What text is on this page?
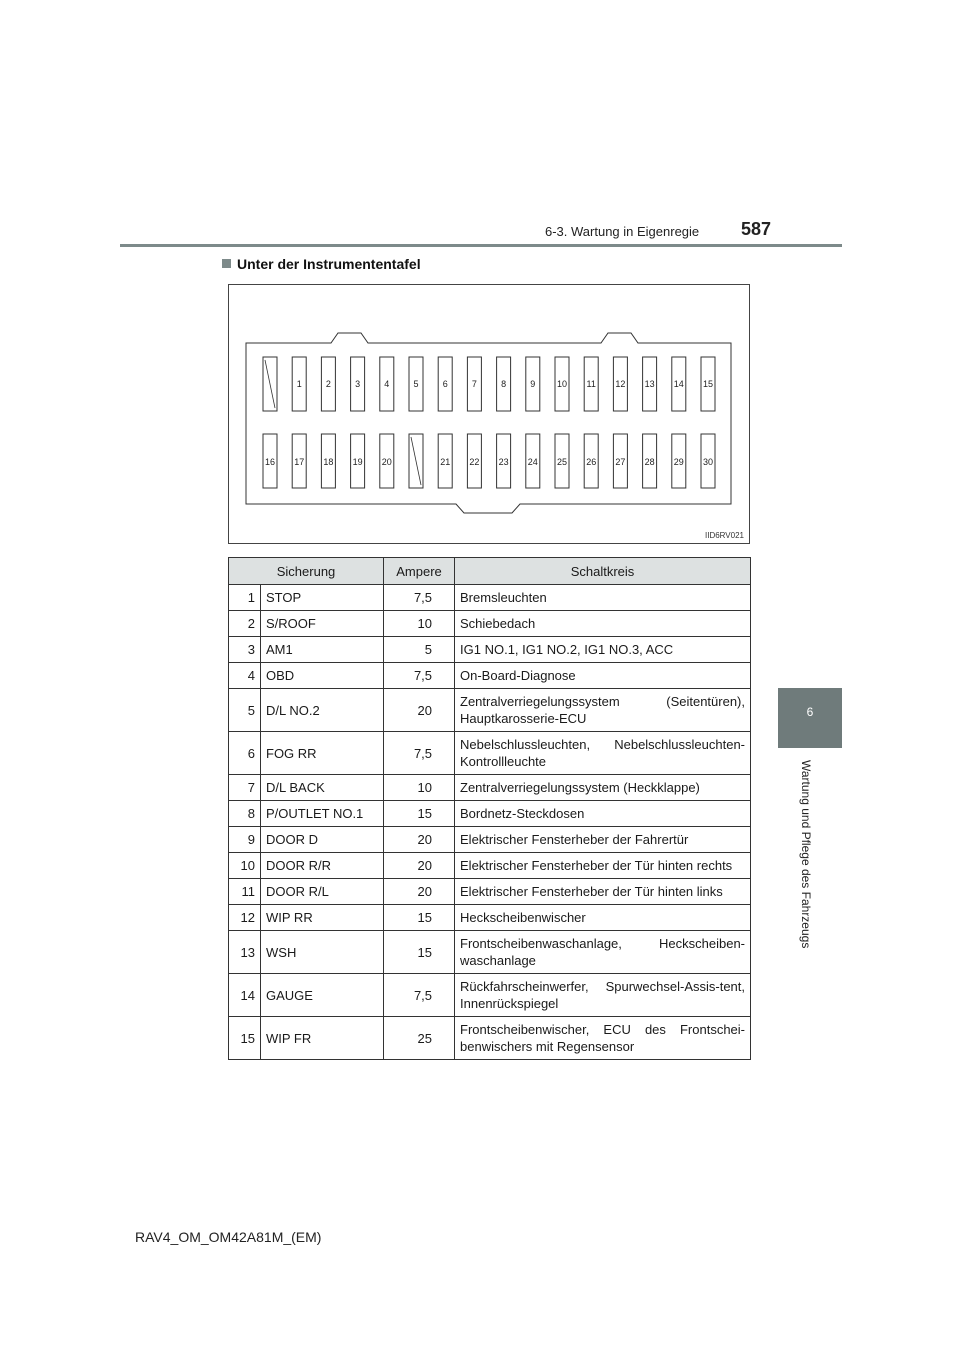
6-3. Wartung in Eigenregie 587
6
Wartung und Pflege des Fahrzeugs
Unter der Instrumententafel
1	2	3	4	5	6	7	8	9 10 11 12 13 14 15
16 17 18 19 20	21 22 23 24 25 26 27 28 29 30
IID6RV021
Sicherung		Ampere	Schaltkreis
1	STOP	7,5	Bremsleuchten
2	S/ROOF	10	Schiebedach
3	AM1	5	IG1 NO.1, IG1 NO.2, IG1 NO.3, ACC
4	OBD	7,5	On-Board-Diagnose
5	D/L NO.2	20	Zentralverriegelungssystem (Seitentüren), Hauptkarosserie-ECU
6	FOG RR	7,5	Nebelschlussleuchten, Nebelschlussleuchten-Kontrollleuchte
7	D/L BACK	10	Zentralverriegelungssystem (Heckklappe)
8	P/OUTLET NO.1	15	Bordnetz-Steckdosen
9	DOOR D	20	Elektrischer Fensterheber der Fahrertür
10	DOOR R/R	20	Elektrischer Fensterheber der Tür hinten rechts
11	DOOR R/L	20	Elektrischer Fensterheber der Tür hinten links
12	WIP RR	15	Heckscheibenwischer
13	WSH	15	Frontscheibenwaschanlage, Heckscheiben-waschanlage
14	GAUGE	7,5	Rückfahrscheinwerfer, Spurwechsel-Assis-tent, Innenrückspiegel
15	WIP FR	25	Frontscheibenwischer, ECU des Frontschei-benwischers mit Regensensor
RAV4_OM_OM42A81M_(EM)
